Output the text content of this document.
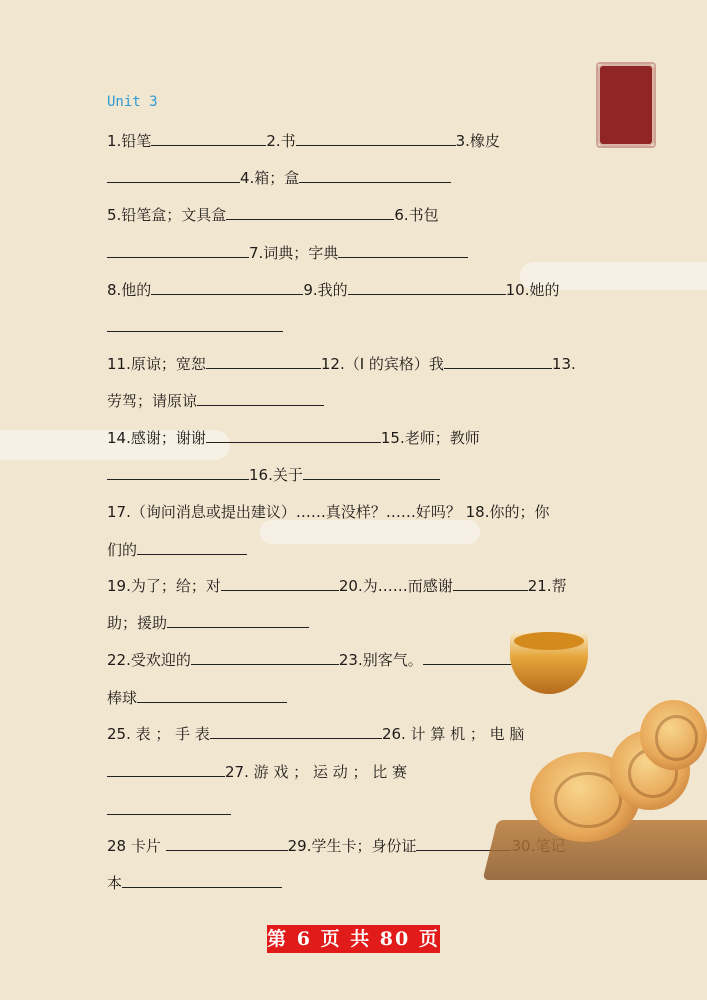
Unit 3
1.铅笔	2.书	3.橡皮
4.箱；盒
5.铅笔盒；文具盒	6.书包
7.词典；字典
8.他的	9.我的	10.她的
11.原谅；宽恕	12.（I 的宾格）我	13.
劳驾；请原谅
14.感谢；谢谢	15.老师；教师
16.关于
17.（询问消息或提出建议）……真没样？……好吗？ 18.你的；你
们的
19.为了；给；对	20.为……而感谢	21.帮
助；援助
22.受欢迎的	23.别客气。
棒球
25. 表 ； 手 表	26. 计 算 机 ； 电 脑
27. 游 戏 ； 运 动 ； 比 赛
28 卡片	29.学生卡；身份证
本
第 6 页 共 80 页
